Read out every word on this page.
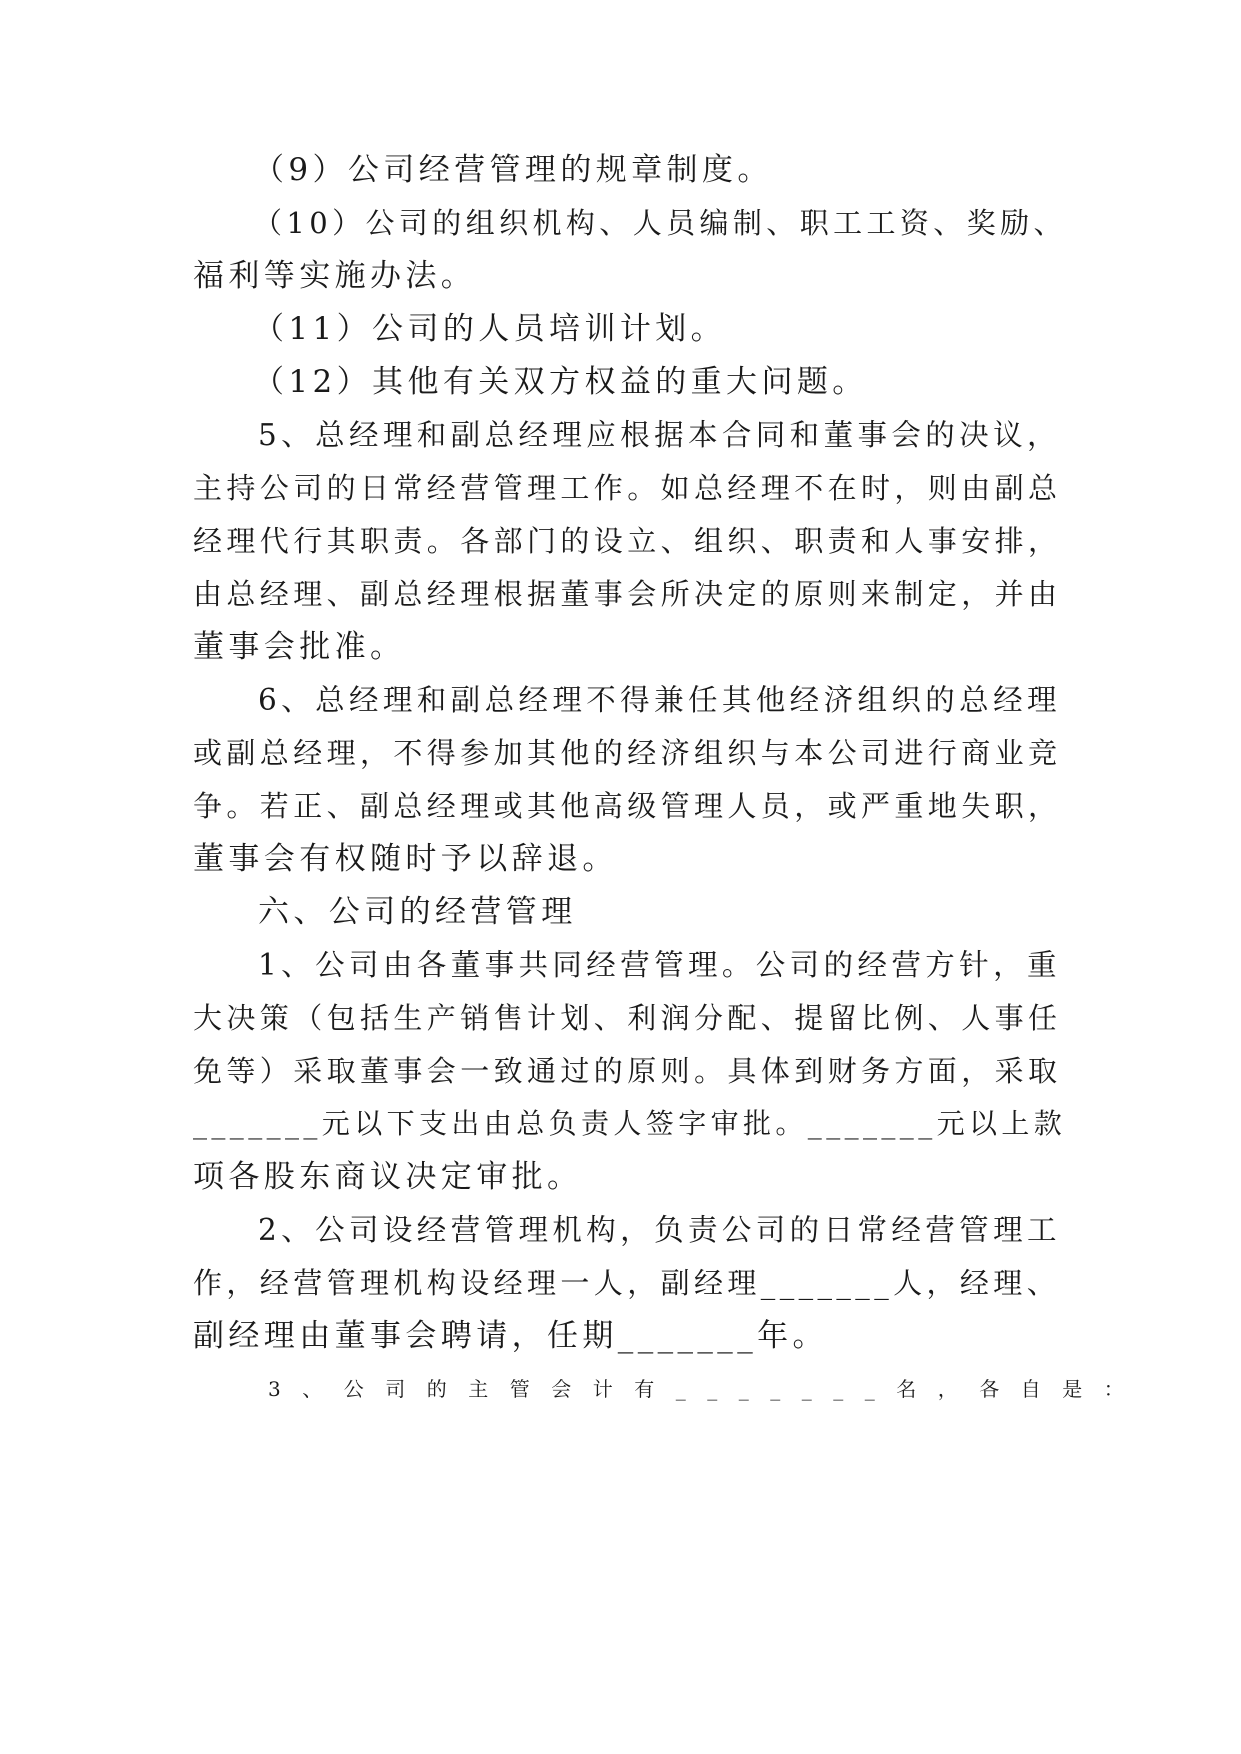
（9）公司经营管理的规章制度。
（10）公司的组织机构、人员编制、职工工资、奖励、
福利等实施办法。
（11）公司的人员培训计划。
（12）其他有关双方权益的重大问题。
5、总经理和副总经理应根据本合同和董事会的决议，
主持公司的日常经营管理工作。如总经理不在时，则由副总
经理代行其职责。各部门的设立、组织、职责和人事安排，
由总经理、副总经理根据董事会所决定的原则来制定，并由
董事会批准。
6、总经理和副总经理不得兼任其他经济组织的总经理
或副总经理，不得参加其他的经济组织与本公司进行商业竞
争。若正、副总经理或其他高级管理人员，或严重地失职，
董事会有权随时予以辞退。
六、公司的经营管理
1、公司由各董事共同经营管理。公司的经营方针，重
大决策（包括生产销售计划、利润分配、提留比例、人事任
免等）采取董事会一致通过的原则。具体到财务方面，采取
_______元以下支出由总负责人签字审批。_______元以上款
项各股东商议决定审批。
2、公司设经营管理机构，负责公司的日常经营管理工
作，经营管理机构设经理一人，副经理_______人，经理、
副经理由董事会聘请，任期_______年。
3、公司的主管会计有_______名，各自是：
